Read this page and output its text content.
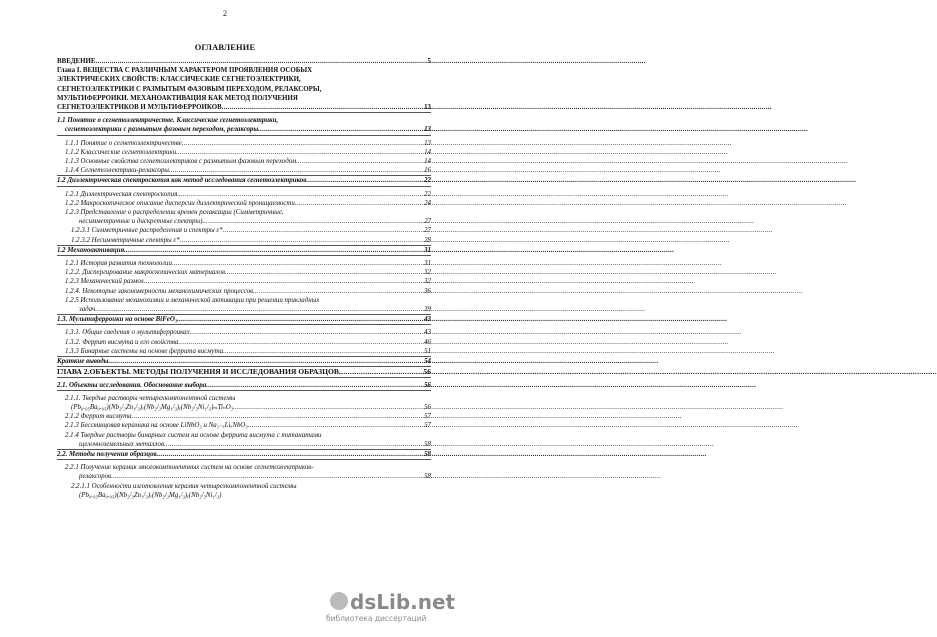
2
ОГЛАВЛЕНИЕ
ВВЕДЕНИЕ .....	5
Глава I. ВЕЩЕСТВА С РАЗЛИЧНЫМ ХАРАКТЕРОМ ПРОЯВЛЕНИЯ ОСОБЫХ
ЭЛЕКТРИЧЕСКИХ СВОЙСТВ: КЛАССИЧЕСКИЕ СЕГНЕТОЭЛЕКТРИКИ,
СЕГНЕТОЭЛЕКТРИКИ С РАЗМЫТЫМ ФАЗОВЫМ ПЕРЕХОДОМ, РЕЛАКСОРЫ,
МУЛЬТИФЕРРОИКИ. МЕХАНОАКТИВАЦИЯ КАК МЕТОД ПОЛУЧЕНИЯ
СЕГНЕТОЭЛЕКТРИКОВ И МУЛЬТИФЕРРОИКОВ .....	13
1.1 Понятие о сегнетоэлектричестве. Классические сегнетоэлектрики,
сегнетоэлектрики с размытым фазовым переходом, релаксоры .....	13
1.1.1 Понятие о сегнетоэлектричестве .....	13
1.1.2 Классические сегнетоэлектрики. .....	14
1.1.3 Основные свойства сегнетоэлектриков с размытым фазовым переходом. .....	14
1.1.4 Сегнетоэлектрики-релаксоры. .....	16
1.2 Диэлектрическая спектроскопия как метод исследования сегнетоэлектриков .....	22
1.2.1 Диэлектрическая спектроскопия. .....	22
1.2.2 Макроскопическое описание дисперсии диэлектрической проницаемости. .....	24
1.2.3 Представление о распределении времен релаксации (Симметричные,
несимметричные и дискретные спектры). .....	27
1.2.3.1 Симметричные распределения и спектры ε* .....	27
1.2.3.2 Несимметричные спектры ε* .....	28
1.2 Механоактивация .....	31
1.2.1 История развития технологии .....	31
1.2.2. Диспергирование макроскопических материалов. .....	32
1.2.3 Механический размол .....	32
1.2.4. Некоторые закономерности механохимических процессов .....	36
1.2.5 Использование механохимии и механической активации при решении прикладных
задач .....	39
1.3. Мультиферроики на основе BiFeO₃ .....	43
1.3.1. Общие сведения о мультиферроиках. .....	43
1.3.2. Феррит висмута и его свойства .....	46
1.3.3 Бинарные системы на основе феррита висмута. .....	51
Краткие выводы .....	54
ГЛАВА 2.ОБЪЕКТЫ. МЕТОДЫ ПОЛУЧЕНИЯ И ИССЛЕДОВАНИЯ ОБРАЗЦОВ .....	56
2.1. Объекты исследования. Обоснование выбора .....	56
2.1.1. Твердые растворы четырехкомпонентной системы
(Pb₀.₉₅Ba₀.₀₅)(Nb₂/₃Zn₁/₃)ₓ(Nb₂/₃Mg₁/₃)ᵧ(Nb₂/₃Ni₁/₃)ₘTiₙO₃ .....	56
2.1.2 Феррит висмута .....	57
2.1.3 Бессвинцовая керамика на основе LiNbO₃ и Na₁₋ₓLiₓNbO₃ .....	57
2.1.4 Твердые растворы бинарных систем на основе феррита висмута с титанатами
щелочноземельных металлов .....	58
2.2. Методы получения образцов .....	58
2.2.1 Получение керамик многокомпонентных систем на основе сегнетоэлектриков-
релаксоров .....	58
2.2.1.1 Особенности изготовления керамик четырехкомпонентной системы
(Pb₀.₉₅Ba₀.₀₅)(Nb₂/₃Zn₁/₃)ₓ(Nb₂/₃Mg₁/₃)ᵧ(Nb₂/₃Ni₁/₃)
dsLib.net
библиотека диссертаций
